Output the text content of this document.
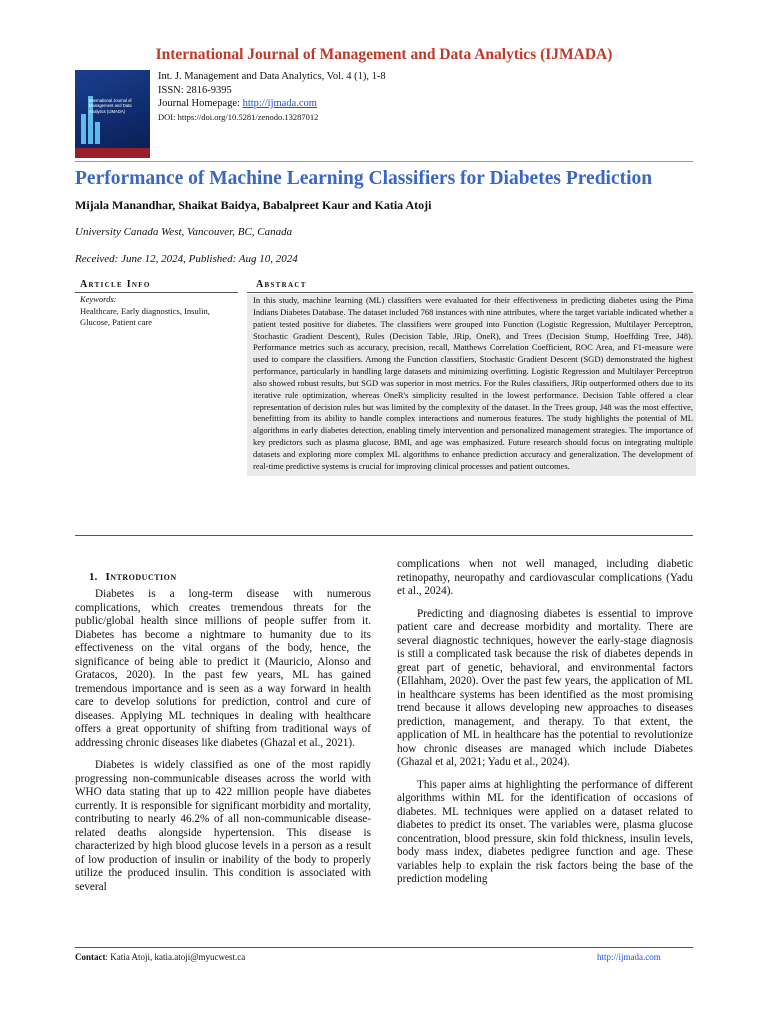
International Journal of Management and Data Analytics (IJMADA)
International Journal of Management and Data Analytics (IJMADA)
Int. J. Management and Data Analytics, Vol. 4 (1), 1-8
ISSN: 2816-9395
Journal Homepage: http://ijmada.com
DOI: https://doi.org/10.5281/zenodo.13287012
Performance of Machine Learning Classifiers for Diabetes Prediction
Mijala Manandhar, Shaikat Baidya, Babalpreet Kaur and Katia Atoji
University Canada West, Vancouver, BC, Canada
Received: June 12, 2024, Published: Aug 10, 2024
Article Info
Keywords:
Healthcare, Early diagnostics, Insulin, Glucose, Patient care
Abstract
In this study, machine learning (ML) classifiers were evaluated for their effectiveness in predicting diabetes using the Pima Indians Diabetes Database. The dataset included 768 instances with nine attributes, where the target variable indicated whether a patient tested positive for diabetes. The classifiers were grouped into Function (Logistic Regression, Multilayer Perceptron, Stochastic Gradient Descent), Rules (Decision Table, JRip, OneR), and Trees (Decision Stump, Hoeffding Tree, J48). Performance metrics such as accuracy, precision, recall, Matthews Correlation Coefficient, ROC Area, and F1-measure were used to compare the classifiers. Among the Function classifiers, Stochastic Gradient Descent (SGD) demonstrated the highest performance, particularly in handling large datasets and minimizing overfitting. Logistic Regression and Multilayer Perceptron also showed robust results, but SGD was superior in most metrics. For the Rules classifiers, JRip outperformed others due to its iterative rule optimization, whereas OneR's simplicity resulted in the lowest performance. Decision Table offered a clear representation of decision rules but was limited by the complexity of the dataset. In the Trees group, J48 was the most effective, benefitting from its ability to handle complex interactions and numerous features. The study highlights the potential of ML algorithms in early diabetes detection, enabling timely intervention and personalized management strategies. The importance of key predictors such as plasma glucose, BMI, and age was emphasized. Future research should focus on integrating multiple datasets and exploring more complex ML algorithms to enhance prediction accuracy and generalization. The development of real-time predictive systems is crucial for improving clinical processes and patient outcomes.
1. Introduction

Diabetes is a long-term disease with numerous complications, which creates tremendous threats for the public/global health since millions of people suffer from it. Diabetes has become a nightmare to humanity due to its effectiveness on the vital organs of the body, hence, the significance of being able to predict it (Mauricio, Alonso and Gratacos, 2020). In the past few years, ML has gained tremendous importance and is seen as a way forward in health care to develop solutions for prediction, control and cure of diseases. Applying ML techniques in dealing with healthcare offers a great opportunity of shifting from traditional ways of addressing chronic diseases like diabetes (Ghazal et al., 2021).

Diabetes is widely classified as one of the most rapidly progressing non-communicable diseases across the world with WHO data stating that up to 422 million people have diabetes currently. It is responsible for significant morbidity and mortality, contributing to nearly 46.2% of all non-communicable disease-related deaths alongside hypertension. This disease is characterized by high blood glucose levels in a person as a result of low production of insulin or inability of the body to properly utilize the produced insulin. This condition is associated with several

complications when not well managed, including diabetic retinopathy, neuropathy and cardiovascular complications (Yadu et al., 2024).

Predicting and diagnosing diabetes is essential to improve patient care and decrease morbidity and mortality. There are several diagnostic techniques, however the early-stage diagnosis is still a complicated task because the risk of diabetes depends in great part of genetic, behavioral, and environmental factors (Ellahham, 2020). Over the past few years, the application of ML in healthcare systems has been identified as the most promising trend because it allows developing new approaches to diseases prediction, management, and therapy. To that extent, the application of ML in healthcare has the potential to revolutionize how chronic diseases are managed which include Diabetes (Ghazal et al, 2021; Yadu et al., 2024).

This paper aims at highlighting the performance of different algorithms within ML for the identification of occasions of diabetes. ML techniques were applied on a dataset related to diabetes to predict its onset. The variables were, plasma glucose concentration, blood pressure, skin fold thickness, insulin levels, body mass index, diabetes pedigree function and age. These variables help to explain the risk factors being the base of the prediction modeling

Contact: Katia Atoji, katia.atoji@myucwest.ca	http://ijmada.com
